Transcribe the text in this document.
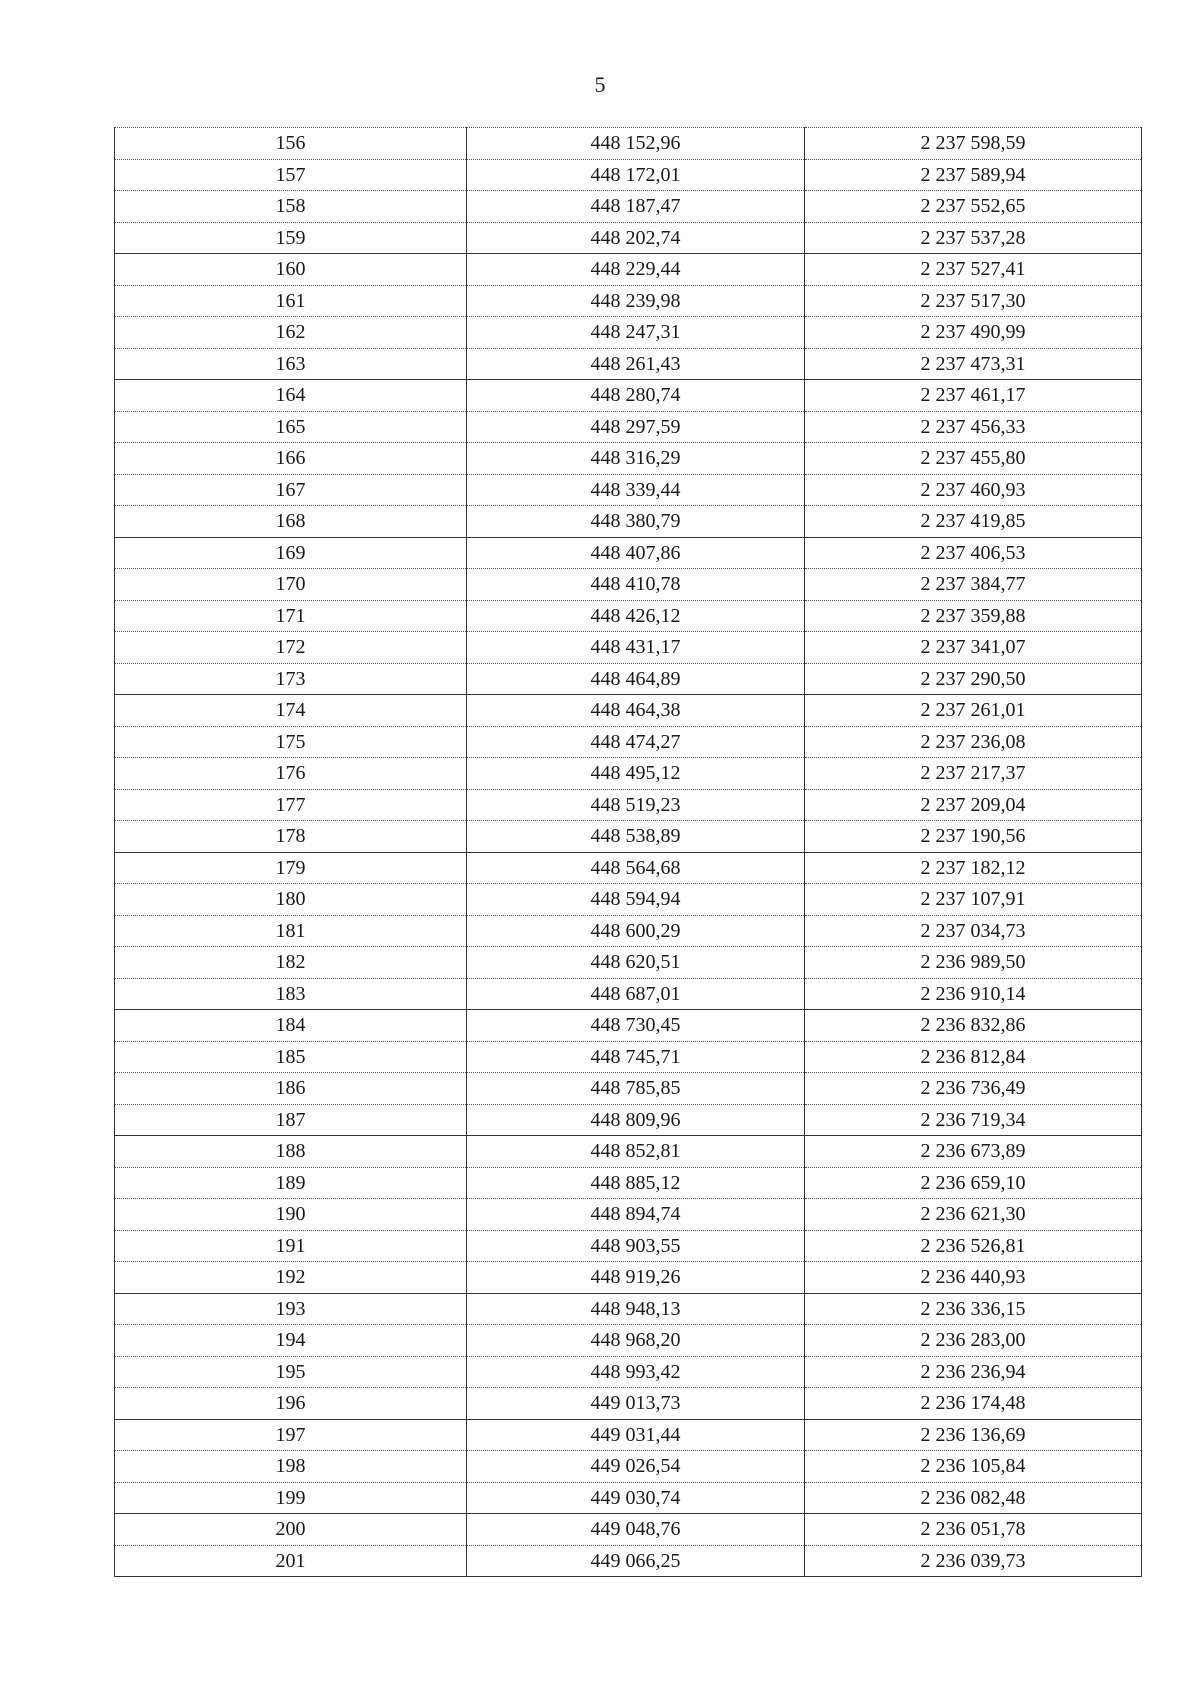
5
156	448 152,96	2 237 598,59
157	448 172,01	2 237 589,94
158	448 187,47	2 237 552,65
159	448 202,74	2 237 537,28
160	448 229,44	2 237 527,41
161	448 239,98	2 237 517,30
162	448 247,31	2 237 490,99
163	448 261,43	2 237 473,31
164	448 280,74	2 237 461,17
165	448 297,59	2 237 456,33
166	448 316,29	2 237 455,80
167	448 339,44	2 237 460,93
168	448 380,79	2 237 419,85
169	448 407,86	2 237 406,53
170	448 410,78	2 237 384,77
171	448 426,12	2 237 359,88
172	448 431,17	2 237 341,07
173	448 464,89	2 237 290,50
174	448 464,38	2 237 261,01
175	448 474,27	2 237 236,08
176	448 495,12	2 237 217,37
177	448 519,23	2 237 209,04
178	448 538,89	2 237 190,56
179	448 564,68	2 237 182,12
180	448 594,94	2 237 107,91
181	448 600,29	2 237 034,73
182	448 620,51	2 236 989,50
183	448 687,01	2 236 910,14
184	448 730,45	2 236 832,86
185	448 745,71	2 236 812,84
186	448 785,85	2 236 736,49
187	448 809,96	2 236 719,34
188	448 852,81	2 236 673,89
189	448 885,12	2 236 659,10
190	448 894,74	2 236 621,30
191	448 903,55	2 236 526,81
192	448 919,26	2 236 440,93
193	448 948,13	2 236 336,15
194	448 968,20	2 236 283,00
195	448 993,42	2 236 236,94
196	449 013,73	2 236 174,48
197	449 031,44	2 236 136,69
198	449 026,54	2 236 105,84
199	449 030,74	2 236 082,48
200	449 048,76	2 236 051,78
201	449 066,25	2 236 039,73
